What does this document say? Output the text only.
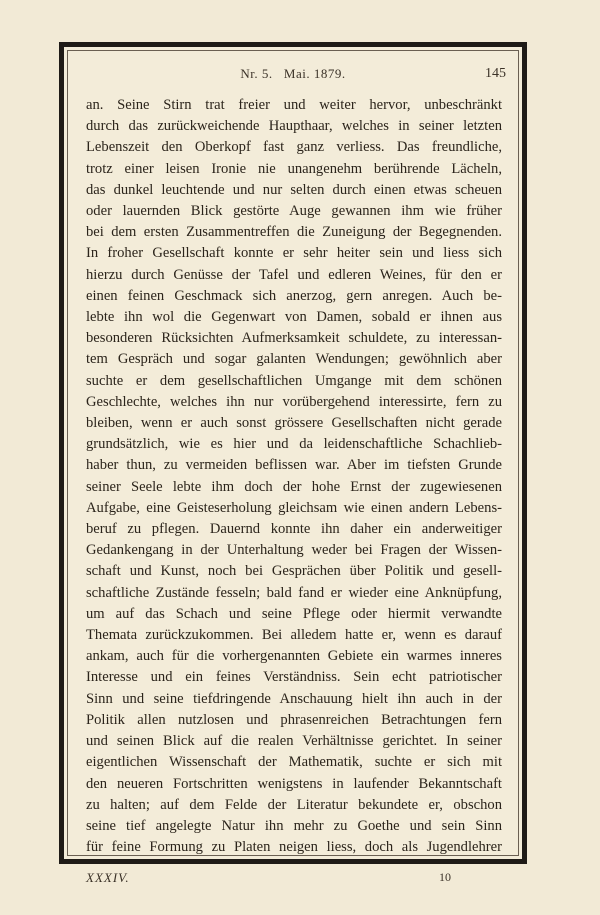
Nr. 5. Mai. 1879.	145
an. Seine Stirn trat freier und weiter hervor, unbeschränkt
durch das zurückweichende Haupthaar, welches in seiner letzten
Lebenszeit den Oberkopf fast ganz verliess. Das freundliche,
trotz einer leisen Ironie nie unangenehm berührende Lächeln,
das dunkel leuchtende und nur selten durch einen etwas scheuen
oder lauernden Blick gestörte Auge gewannen ihm wie früher
bei dem ersten Zusammentreffen die Zuneigung der Begegnenden.
In froher Gesellschaft konnte er sehr heiter sein und liess sich
hierzu durch Genüsse der Tafel und edleren Weines, für den er
einen feinen Geschmack sich anerzog, gern anregen. Auch be-
lebte ihn wol die Gegenwart von Damen, sobald er ihnen aus
besonderen Rücksichten Aufmerksamkeit schuldete, zu interessan-
tem Gespräch und sogar galanten Wendungen; gewöhnlich aber
suchte er dem gesellschaftlichen Umgange mit dem schönen
Geschlechte, welches ihn nur vorübergehend interessirte, fern zu
bleiben, wenn er auch sonst grössere Gesellschaften nicht gerade
grundsätzlich, wie es hier und da leidenschaftliche Schachlieb-
haber thun, zu vermeiden beflissen war. Aber im tiefsten Grunde
seiner Seele lebte ihm doch der hohe Ernst der zugewiesenen
Aufgabe, eine Geisteserholung gleichsam wie einen andern Lebens-
beruf zu pflegen. Dauernd konnte ihn daher ein anderweitiger
Gedankengang in der Unterhaltung weder bei Fragen der Wissen-
schaft und Kunst, noch bei Gesprächen über Politik und gesell-
schaftliche Zustände fesseln; bald fand er wieder eine Anknüpfung,
um auf das Schach und seine Pflege oder hiermit verwandte
Themata zurückzukommen. Bei alledem hatte er, wenn es darauf
ankam, auch für die vorhergenannten Gebiete ein warmes inneres
Interesse und ein feines Verständniss. Sein echt patriotischer
Sinn und seine tiefdringende Anschauung hielt ihn auch in der
Politik allen nutzlosen und phrasenreichen Betrachtungen fern
und seinen Blick auf die realen Verhältnisse gerichtet. In seiner
eigentlichen Wissenschaft der Mathematik, suchte er sich mit
den neueren Fortschritten wenigstens in laufender Bekanntschaft
zu halten; auf dem Felde der Literatur bekundete er, obschon
seine tief angelegte Natur ihn mehr zu Goethe und sein Sinn
für feine Formung zu Platen neigen liess, doch als Jugendlehrer
XXXIV.	10
